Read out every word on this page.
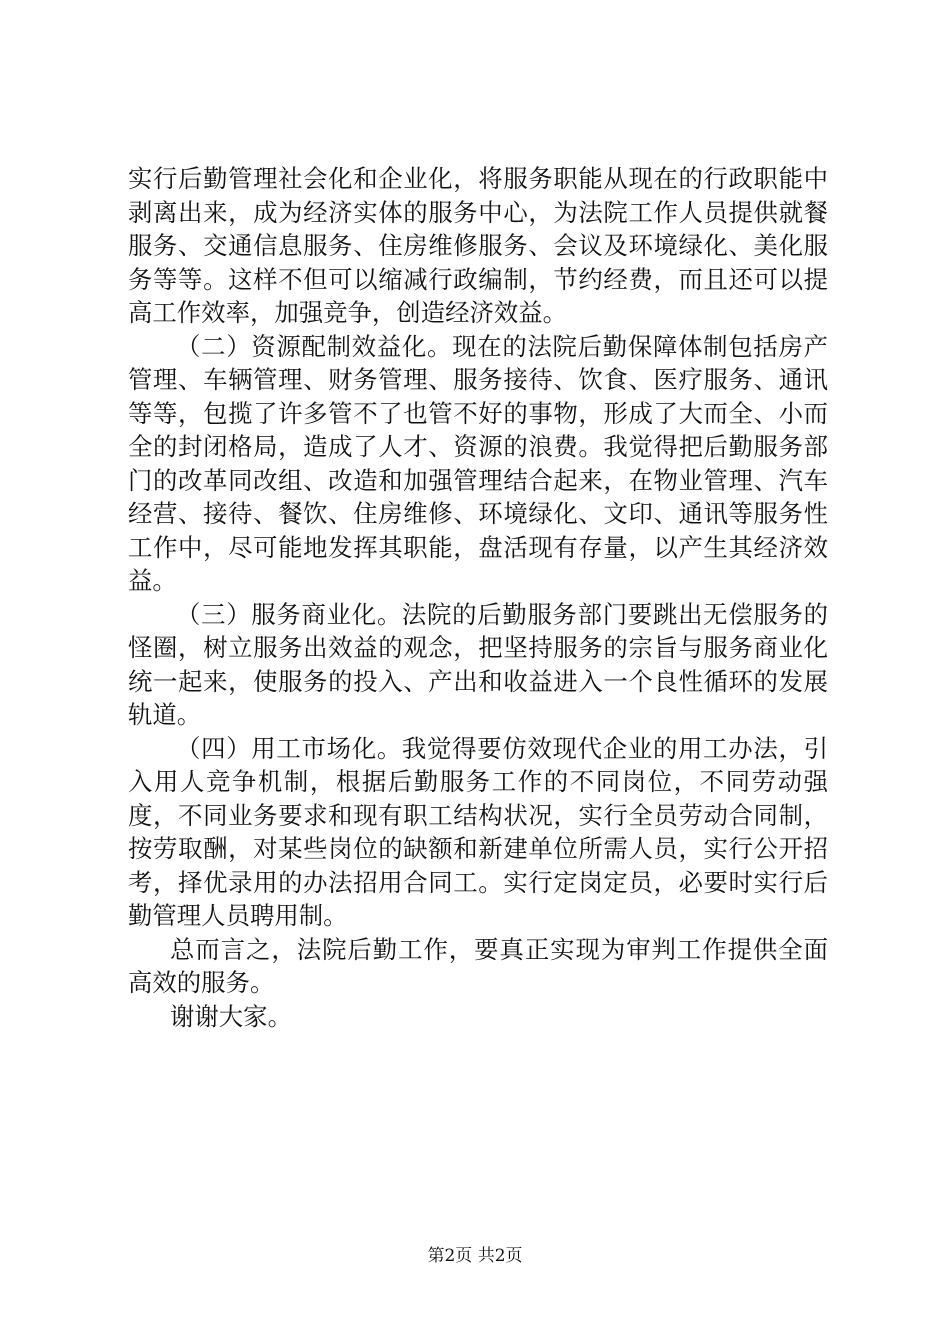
实行后勤管理社会化和企业化，将服务职能从现在的行政职能中剥离出来，成为经济实体的服务中心，为法院工作人员提供就餐服务、交通信息服务、住房维修服务、会议及环境绿化、美化服务等等。这样不但可以缩减行政编制，节约经费，而且还可以提高工作效率，加强竞争，创造经济效益。

（二）资源配制效益化。现在的法院后勤保障体制包括房产管理、车辆管理、财务管理、服务接待、饮食、医疗服务、通讯等等，包揽了许多管不了也管不好的事物，形成了大而全、小而全的封闭格局，造成了人才、资源的浪费。我觉得把后勤服务部门的改革同改组、改造和加强管理结合起来，在物业管理、汽车经营、接待、餐饮、住房维修、环境绿化、文印、通讯等服务性工作中，尽可能地发挥其职能，盘活现有存量，以产生其经济效益。

（三）服务商业化。法院的后勤服务部门要跳出无偿服务的怪圈，树立服务出效益的观念，把坚持服务的宗旨与服务商业化统一起来，使服务的投入、产出和收益进入一个良性循环的发展轨道。

（四）用工市场化。我觉得要仿效现代企业的用工办法，引入用人竞争机制，根据后勤服务工作的不同岗位，不同劳动强度，不同业务要求和现有职工结构状况，实行全员劳动合同制，按劳取酬，对某些岗位的缺额和新建单位所需人员，实行公开招考，择优录用的办法招用合同工。实行定岗定员，必要时实行后勤管理人员聘用制。

总而言之，法院后勤工作，要真正实现为审判工作提供全面高效的服务。

谢谢大家。

第2页 共2页
